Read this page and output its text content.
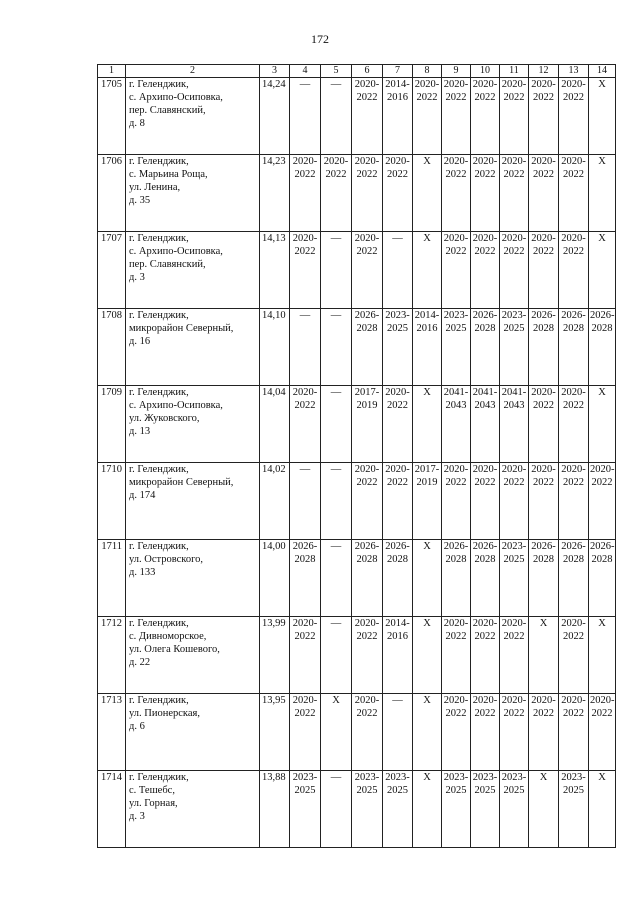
172
1	2	3	4	5	6	7	8	9	10	11	12	13	14
1705	г. Геленджик,
с. Архипо-Осиповка,
пер. Славянский,
д. 8	14,24	—	—	2020-
2022	2014-
2016	2020-
2022	2020-
2022	2020-
2022	2020-
2022	2020-
2022	2020-
2022	Х

1706	г. Геленджик,
с. Марьина Роща,
ул. Ленина,
д. 35	14,23	2020-
2022	2020-
2022	2020-
2022	2020-
2022	Х	2020-
2022	2020-
2022	2020-
2022	2020-
2022	2020-
2022	Х

1707	г. Геленджик,
с. Архипо-Осиповка,
пер. Славянский,
д. 3	14,13	2020-
2022	—	2020-
2022	—	Х	2020-
2022	2020-
2022	2020-
2022	2020-
2022	2020-
2022	Х

1708	г. Геленджик,
микрорайон Северный,
д. 16	14,10	—	—	2026-
2028	2023-
2025	2014-
2016	2023-
2025	2026-
2028	2023-
2025	2026-
2028	2026-
2028	2026-
2028

1709	г. Геленджик,
с. Архипо-Осиповка,
ул. Жуковского,
д. 13	14,04	2020-
2022	—	2017-
2019	2020-
2022	Х	2041-
2043	2041-
2043	2041-
2043	2020-
2022	2020-
2022	Х

1710	г. Геленджик,
микрорайон Северный,
д. 174	14,02	—	—	2020-
2022	2020-
2022	2017-
2019	2020-
2022	2020-
2022	2020-
2022	2020-
2022	2020-
2022	2020-
2022

1711	г. Геленджик,
ул. Островского,
д. 133	14,00	2026-
2028	—	2026-
2028	2026-
2028	Х	2026-
2028	2026-
2028	2023-
2025	2026-
2028	2026-
2028	2026-
2028

1712	г. Геленджик,
с. Дивноморское,
ул. Олега Кошевого,
д. 22	13,99	2020-
2022	—	2020-
2022	2014-
2016	Х	2020-
2022	2020-
2022	2020-
2022	Х	2020-
2022	Х

1713	г. Геленджик,
ул. Пионерская,
д. 6	13,95	2020-
2022	Х	2020-
2022	—	Х	2020-
2022	2020-
2022	2020-
2022	2020-
2022	2020-
2022	2020-
2022

1714	г. Геленджик,
с. Тешебс,
ул. Горная,
д. 3	13,88	2023-
2025	—	2023-
2025	2023-
2025	Х	2023-
2025	2023-
2025	2023-
2025	Х	2023-
2025	Х
